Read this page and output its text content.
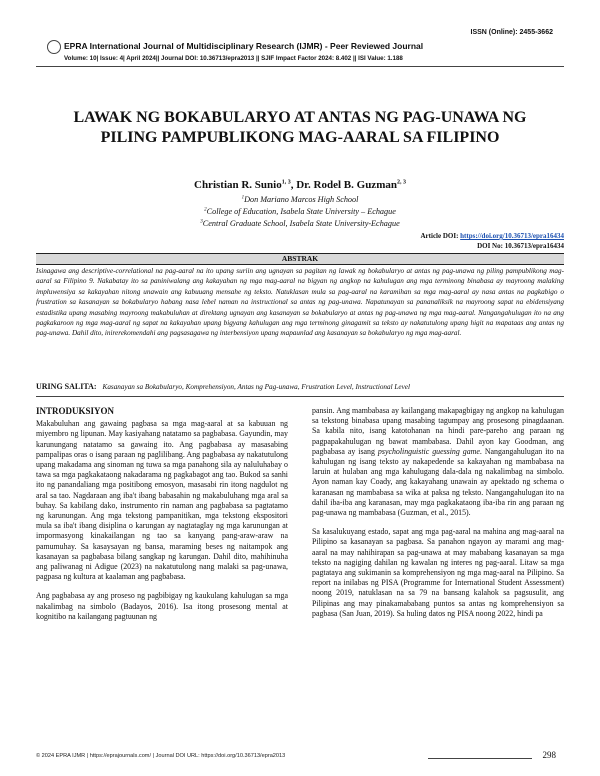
ISSN (Online): 2455-3662
EPRA International Journal of Multidisciplinary Research (IJMR) - Peer Reviewed Journal
Volume: 10| Issue: 4| April 2024|| Journal DOI: 10.36713/epra2013 || SJIF Impact Factor 2024: 8.402 || ISI Value: 1.188
LAWAK NG BOKABULARYO AT ANTAS NG PAG-UNAWA NG
PILING PAMPUBLIKONG MAG-AARAL SA FILIPINO
Christian R. Sunio$^{1, 3}$, Dr. Rodel B. Guzman$^{2, 3}$
$^1$Don Mariano Marcos High School
$^2$College of Education, Isabela State University – Echague
$^3$Central Graduate School, Isabela State University-Echague
Article DOI: https://doi.org/10.36713/epra16434
DOI No: 10.36713/epra16434
ABSTRAK
Isinagawa ang descriptive-correlational na pag-aaral na ito upang suriin ang ugnayan sa pagitan ng lawak ng bokabularyo at antas ng pag-unawa ng piling pampublikong mag-aaral sa Filipino 9. Nakabatay ito sa paniniwalang ang kakayahan ng mga mag-aaral na bigyan ng angkop na kahulugan ang mga terminong binabasa ay mayroong malaking impluwensiya sa kakayahan nitong unawain ang kabuuang mensahe ng teksto. Natuklasan mula sa pag-aaral na karamihan sa mga mag-aaral ay nasa antas na pagkabigo o frustration sa kasanayan sa bokabularyo habang nasa lebel naman na instructional sa antas ng pag-unawa. Napatunayan sa pananaliksik na mayroong sapat na ebidensiyang estadistika upang masabing mayroong makabuluhan at direktang ugnayan ang kasanayan sa bokabularyo at antas ng pag-unawa ng mga mag-aaral. Nangangahulugan ito na ang pagkakaroon ng mga mag-aaral ng sapat na kakayahan upang bigyang kahulugan ang mga terminong ginagamit sa teksto ay nakatutulong upang higit na mapataas ang antas ng pag-unawa. Dahil dito, inirerekomendahi ang pagsasagawa ng interbensiyon upang mapaunlad ang kasanayan sa bokabularyo ng mga mag-aaral.
URING SALITA: Kasanayan sa Bokabularyo, Komprehensiyon, Antas ng Pag-unawa, Frustration Level, Instructional Level
INTRODUKSIYON

Makabuluhan ang gawaing pagbasa sa mga mag-aaral at sa kabuuan ng miyembro ng lipunan. May kasiyahang natatamo sa pagbabasa. Gayundin, may karunungang natatamo sa gawaing ito. Ang pagbabasa ay masasabing pampalipas oras o isang paraan ng paglilibang. Ang pagbabasa ay nakatutulong upang makadama ang sinoman ng tuwa sa mga panahong sila ay naluluhabay o tawa sa mga pagkakataong nakadarama ng pagkabagot ang tao. Bukod sa sanhi ito ng panandaliang mga positibong emosyon, masasabi rin itong nagdulot ng aral sa tao. Nagdaraan ang iba't ibang babasahin ng makabuluhang mga aral sa buhay. Sa kabilang dako, instrumento rin naman ang pagbabasa sa pagtatamo ng karunungan. Ang mga tekstong pampanitikan, mga tekstong ekspositori mula sa iba't ibang disiplina o karungan ay nagtataglay ng mga karunungan at impormasyong kinakailangan ng tao sa kanyang pang-araw-araw na pamumuhay. Sa kasaysayan ng bansa, maraming beses ng naitampok ang kasanayan sa pagbabasa bilang sangkap ng karungan. Dahil dito, mahihinuha ang paliwanag ni Adigue (2023) na nakatutulong nang malaki sa pag-unawa, pagpasa ng kultura at kaalaman ang pagbabasa.

Ang pagbabasa ay ang proseso ng pagbibigay ng kaukulang kahulugan sa mga nakalimbag na simbolo (Badayos, 2016). Isa itong prosesong mental at kognitibo na kailangang pagtuunan ng

pansin. Ang mambabasa ay kailangang makapagbigay ng angkop na kahulugan sa tekstong binabasa upang masabing tagumpay ang prosesong pinagdaanan. Sa kabila nito, isang katotohanan na hindi pare-pareho ang paraan ng pagpapakahulugan ng bawat mambabasa. Dahil ayon kay Goodman, ang pagbabasa ay isang psycholinguistic guessing game. Nangangahulugan ito na kahulugan ng isang teksto ay nakapedende sa kakayahan ng mambabasa na laruin at hulaban ang mga kahulugang dala-dala ng nakalimbag na simbolo. Ayon naman kay Coady, ang kakayahang unawain ay apektado ng schema o karanasan ng mambabasa sa wika at paksa ng teksto. Nangangahulugan ito na dahil iba-iba ang karanasan, may mga pagkakataong iba-iba rin ang paraan ng pag-unawa ng mambabasa (Guzman, et al., 2015).

Sa kasalukuyang estado, sapat ang mga pag-aaral na mahina ang mag-aaral na Pilipino sa kasanayan sa pagbasa. Sa panahon ngayon ay marami ang mag-aaral na may nahihirapan sa pag-unawa at may mababang kasanayan sa mga teksto na nagiging dahilan ng kawalan ng interes ng pag-aaral. Litaw sa mga pagtataya ang sukimanin sa komprehensiyon ng mga mag-aaral na Pilipino. Sa report na inilabas ng PISA (Programme for International Student Assessment) noong 2019, natuklasan na sa 79 na bansang kalahok sa pagsusulit, ang Pilipinas ang may pinakamababang puntos sa antas ng komprehensiyon sa pagbasa (San Juan, 2019). Sa huling datos ng PISA noong 2022, hindi pa

© 2024 EPRA IJMR | https://eprajournals.com/ | Journal DOI URL: https://doi.org/10.36713/epra2013	298
